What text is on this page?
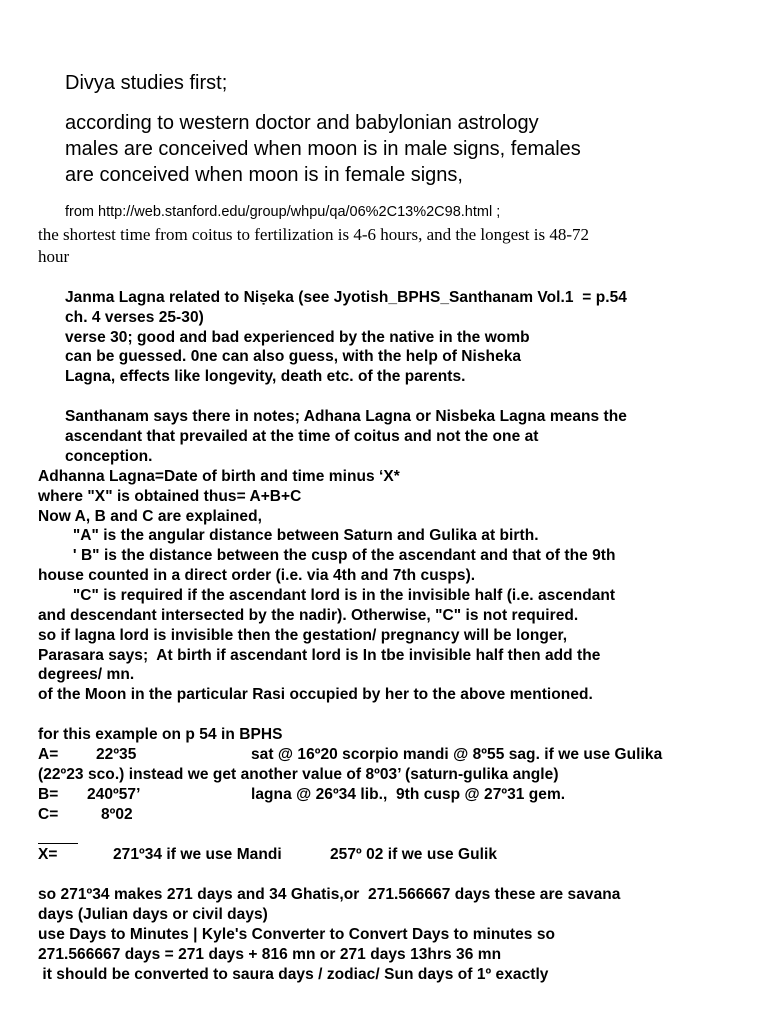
Divya studies first;

according to western doctor and babylonian astrology

males are conceived when moon is in male signs, females

are conceived when moon is in female signs,

from http://web.stanford.edu/group/whpu/qa/06%2C13%2C98.html ;

the shortest time from coitus to fertilization is 4-6 hours, and the longest is 48-72

hour

Janma Lagna related to Niṣeka (see Jyotish_BPHS_Santhanam Vol.1  = p.54

ch. 4 verses 25-30)

verse 30; good and bad experienced by the native in the womb

can be guessed. 0ne can also guess, with the help of Nisheka

Lagna, effects like longevity, death etc. of the parents.

Santhanam says there in notes; Adhana Lagna or Nisbeka Lagna means the

ascendant that prevailed at the time of coitus and not the one at

conception.

Adhanna Lagna=Date of birth and time minus ‘X*

where "X" is obtained thus= A+B+C

Now A, B and C are explained,

"A" is the angular distance between Saturn and Gulika at birth.

' B" is the distance between the cusp of the ascendant and that of the 9th

house counted in a direct order (i.e. via 4th and 7th cusps).

"C" is required if the ascendant lord is in the invisible half (i.e. ascendant

and descendant intersected by the nadir). Otherwise, "C" is not required.

so if lagna lord is invisible then the gestation/ pregnancy will be longer,

Parasara says;  At birth if ascendant lord is In tbe invisible half then add the

degrees/ mn.

of the Moon in the particular Rasi occupied by her to the above mentioned.

for this example on p 54 in BPHS

A= 22º35	sat @ 16º20 scorpio mandi @ 8º55 sag. if we use Gulika

(22º23 sco.) instead we get another value of 8º03’ (saturn-gulika angle)

B= 240º57’	lagna @ 26º34 lib.,  9th cusp @ 27º31 gem.

C=	8º02

X=	271º34 if we use Mandi	257º 02 if we use Gulik

so 271º34 makes 271 days and 34 Ghatis,or  271.566667 days these are savana

days (Julian days or civil days)

use Days to Minutes | Kyle's Converter to Convert Days to minutes so

271.566667 days = 271 days + 816 mn or 271 days 13hrs 36 mn

it should be converted to saura days / zodiac/ Sun days of 1º exactly
